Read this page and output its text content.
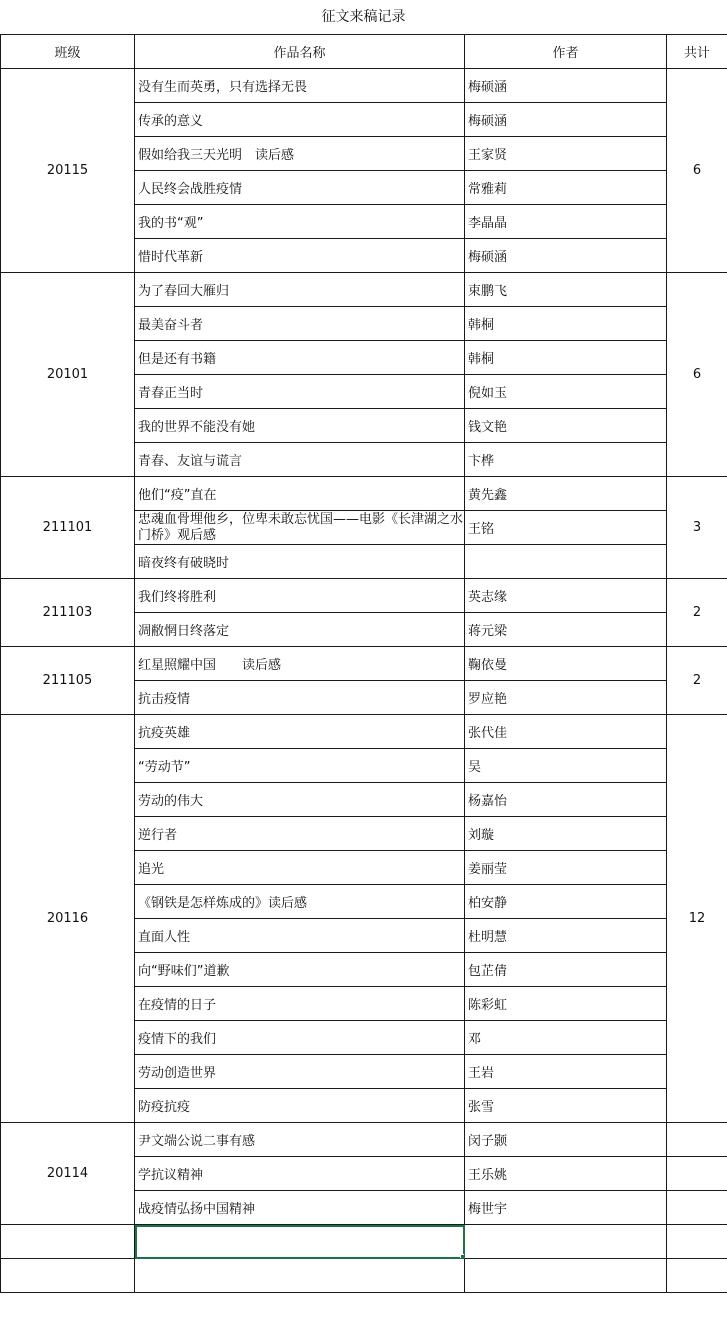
征文来稿记录
班级	作品名称	作者	共计
20115	没有生而英勇，只有选择无畏	梅硕涵	6
	传承的意义	梅硕涵	
	假如给我三天光明　读后感	王家贤	
	人民终会战胜疫情	常雅莉	
	我的书“观”	李晶晶	
	惜时代革新	梅硕涵	
20101	为了春回大雁归	束鹏飞	6
	最美奋斗者	韩桐	
	但是还有书籍	韩桐	
	青春正当时	倪如玉	
	我的世界不能没有她	钱文艳	
	青春、友谊与谎言	卞桦	
211101	他们“疫”直在	黄先鑫	3
	忠魂血骨埋他乡，位卑未敢忘忧国——电影《长津湖之水门桥》观后感	王铭	
	暗夜终有破晓时		
211103	我们终将胜利	英志缘	2
	凋敝惘日终落定	蒋元梁	
211105	红星照耀中国　　读后感	鞠依曼	2
	抗击疫情	罗应艳	
20116	抗疫英雄	张代佳	12
	“劳动节”	吴	
	劳动的伟大	杨嘉怡	
	逆行者	刘璇	
	追光	姜丽莹	
	《钢铁是怎样炼成的》读后感	柏安静	
	直面人性	杜明慧	
	向“野味们”道歉	包芷倩	
	在疫情的日子	陈彩虹	
	疫情下的我们	邓	
	劳动创造世界	王岩	
	防疫抗疫	张雪	
20114	尹文端公说二事有感	闵子颢	
	学抗议精神	王乐姚	
	战疫情弘扬中国精神	梅世宇	
